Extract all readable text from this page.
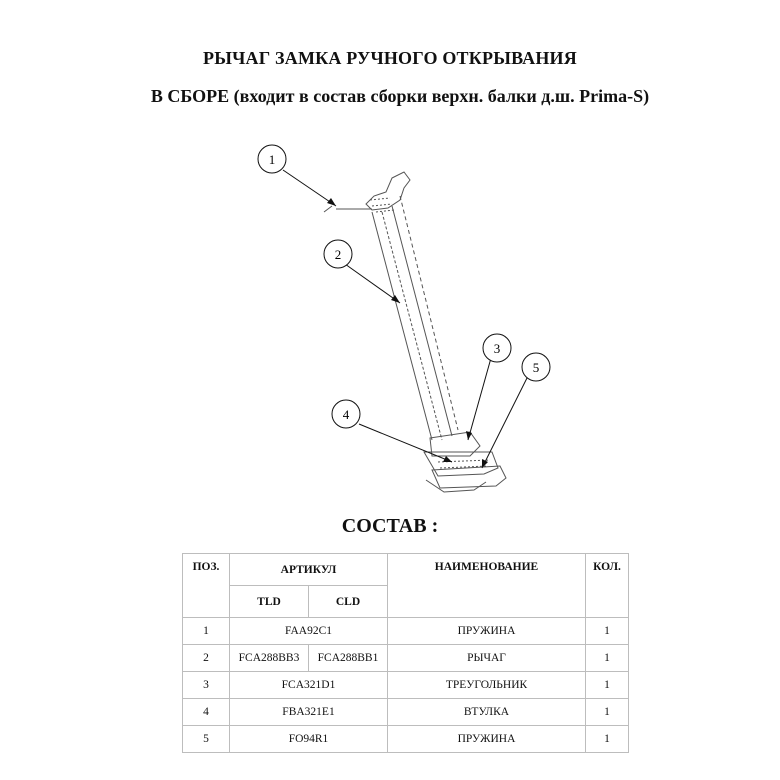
РЫЧАГ ЗАМКА РУЧНОГО ОТКРЫВАНИЯ
В СБОРЕ (входит в состав сборки верхн. балки д.ш. Prima-S)
1
2
3
4
5
СОСТАВ :
ПОЗ.	АРТИКУЛ		НАИМЕНОВАНИЕ	КОЛ.
	TLD	CLD		
1	FAA92C1		ПРУЖИНА	1
2	FCA288BB3	FCA288BB1	РЫЧАГ	1
3	FCA321D1		ТРЕУГОЛЬНИК	1
4	FBA321E1		ВТУЛКА	1
5	FO94R1		ПРУЖИНА	1
